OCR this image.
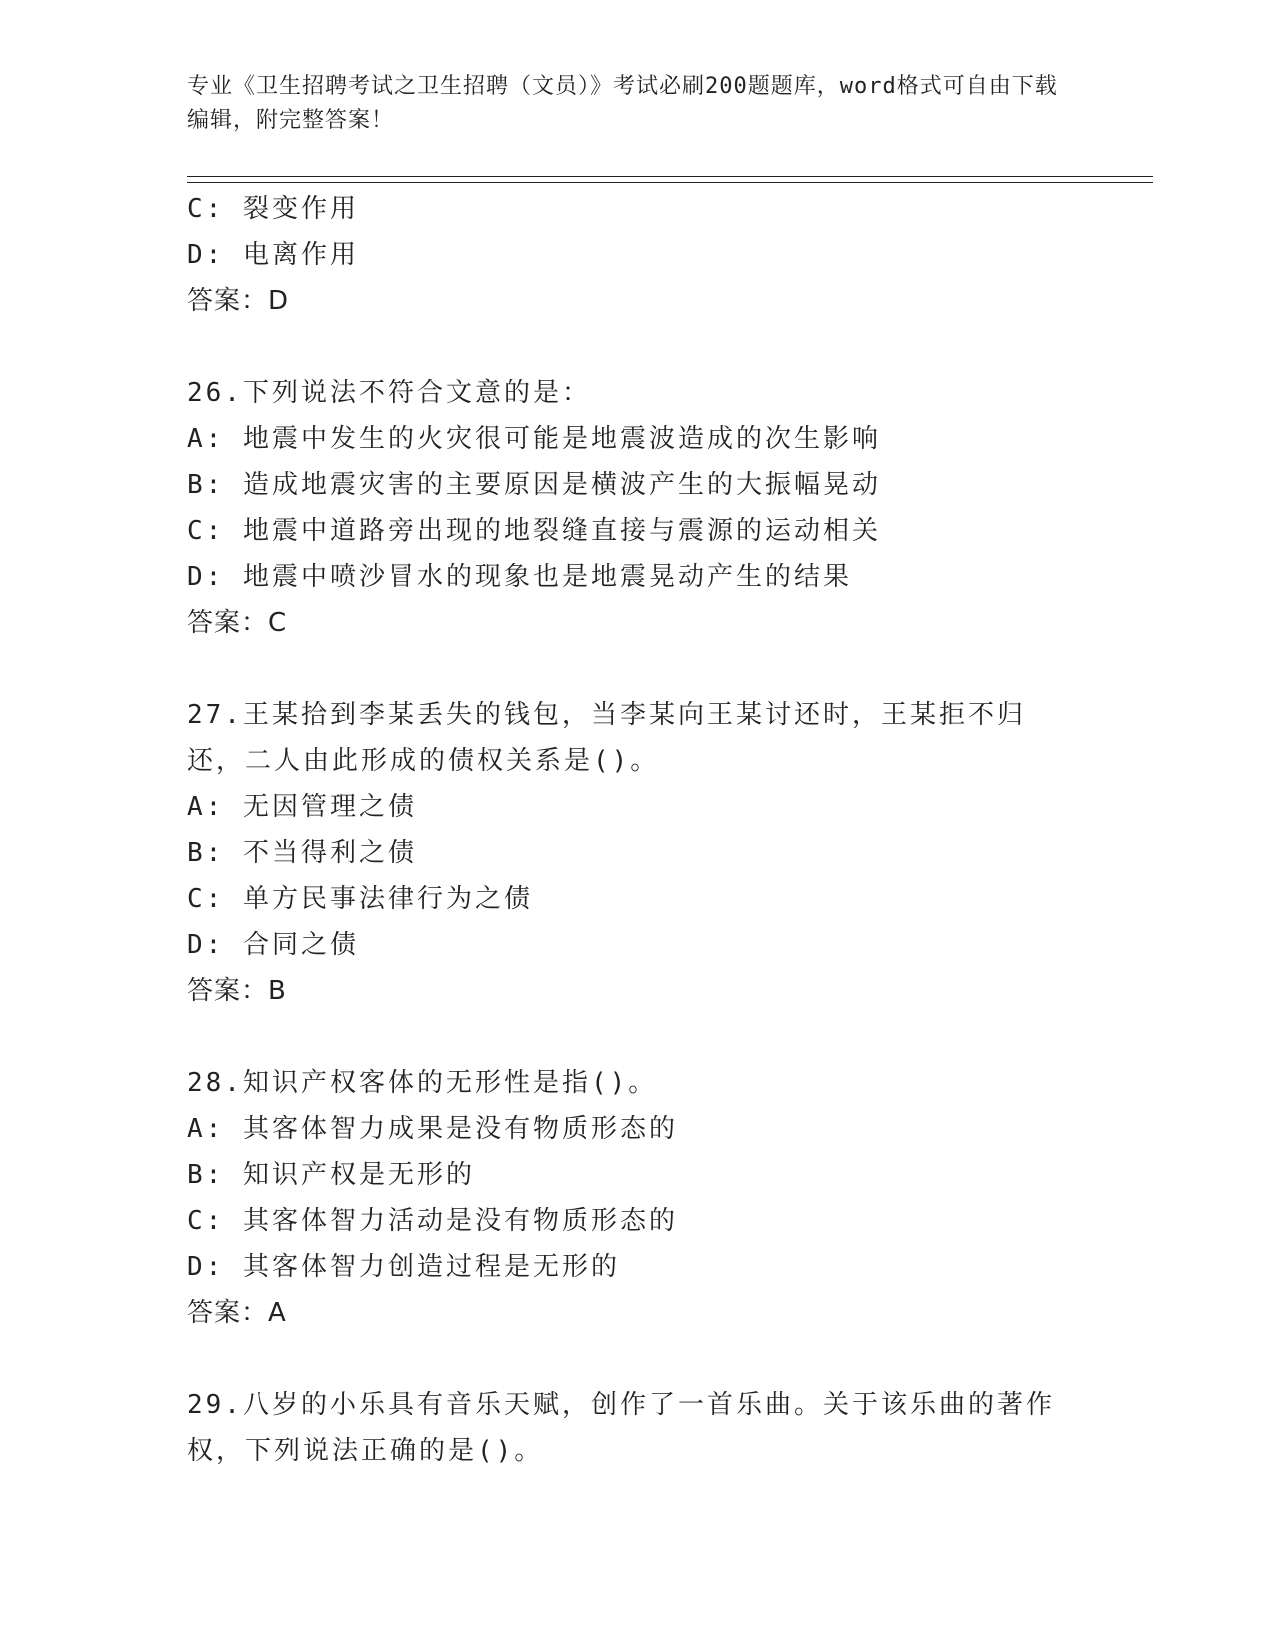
专业《卫生招聘考试之卫生招聘（文员）》考试必刷200题题库，word格式可自由下载编辑，附完整答案！
C: 裂变作用
D: 电离作用
答案：D
26.下列说法不符合文意的是：
A: 地震中发生的火灾很可能是地震波造成的次生影响
B: 造成地震灾害的主要原因是横波产生的大振幅晃动
C: 地震中道路旁出现的地裂缝直接与震源的运动相关
D: 地震中喷沙冒水的现象也是地震晃动产生的结果
答案：C
27.王某拾到李某丢失的钱包，当李某向王某讨还时，王某拒不归还，二人由此形成的债权关系是()。
A: 无因管理之债
B: 不当得利之债
C: 单方民事法律行为之债
D: 合同之债
答案：B
28.知识产权客体的无形性是指()。
A: 其客体智力成果是没有物质形态的
B: 知识产权是无形的
C: 其客体智力活动是没有物质形态的
D: 其客体智力创造过程是无形的
答案：A
29.八岁的小乐具有音乐天赋，创作了一首乐曲。关于该乐曲的著作权，下列说法正确的是()。
